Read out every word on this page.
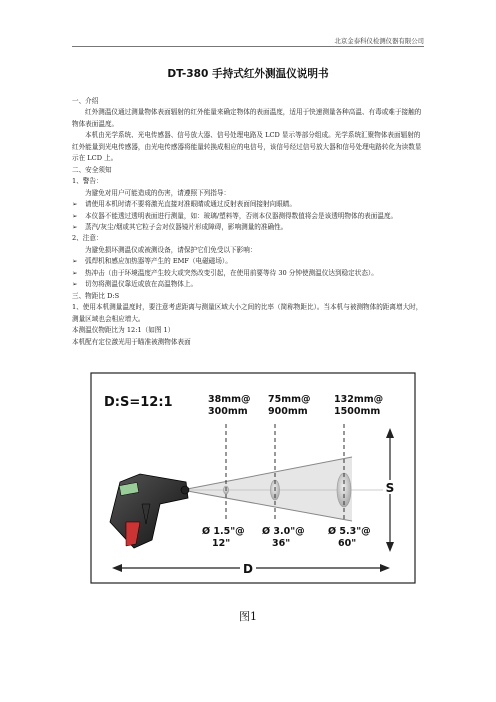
北京金泰科仪检测仪器有限公司
DT-380 手持式红外测温仪说明书

一、介绍

红外测温仪通过测量物体表面辐射的红外能量来确定物体的表面温度，适用于快速测量各种高温、有毒或难于接触的物体表面温度。

本机由光学系统、光电传感器、信号放大器、信号处理电路及 LCD 显示等部分组成。光学系统汇聚物体表面辐射的红外能量到光电传感器，由光电传感器将能量转换成相应的电信号，该信号经过信号放大器和信号处理电路转化为读数显示在 LCD 上。

二、安全须知

1、警告：

为避免对用户可能造成的伤害，请遵照下列指导：

➢ 请使用本机时请不要将激光直接对准眼睛或通过反射表面间接射向眼睛。

➢ 本仪器不能透过透明表面进行测量，如：玻璃/塑料等，否则本仪器测得数值将会是该透明物体的表面温度。

➢ 蒸汽/灰尘/烟或其它粒子会对仪器镜片形成障碍，影响测量的准确性。

2、注意：

为避免损坏测温仪或被测设备，请保护它们免受以下影响：

➢ 弧焊机和感应加热器等产生的 EMF（电磁磁场）。

➢ 热冲击（由于环境温度产生较大或突然改变引起，在使用前要等待 30 分钟使测温仪达到稳定状态）。

➢ 切勿将测温仪靠近或放在高温物体上。

三、物距比 D:S

1、使用本机测量温度时，要注意考虑距离与测量区域大小之间的比率（简称物距比）。当本机与被测物体的距离增大时，测量区域也会相应增大。

本测温仪物距比为 12:1（如图 1）

本机配有定位激光用于瞄准被测物体表面

D:S=12:1	38mm@
300mm
75mm@
900mm
132mm@
1500mm
Ø 1.5"@
12"
Ø 3.0"@
36"
Ø 5.3"@
60"
S
D
图1
